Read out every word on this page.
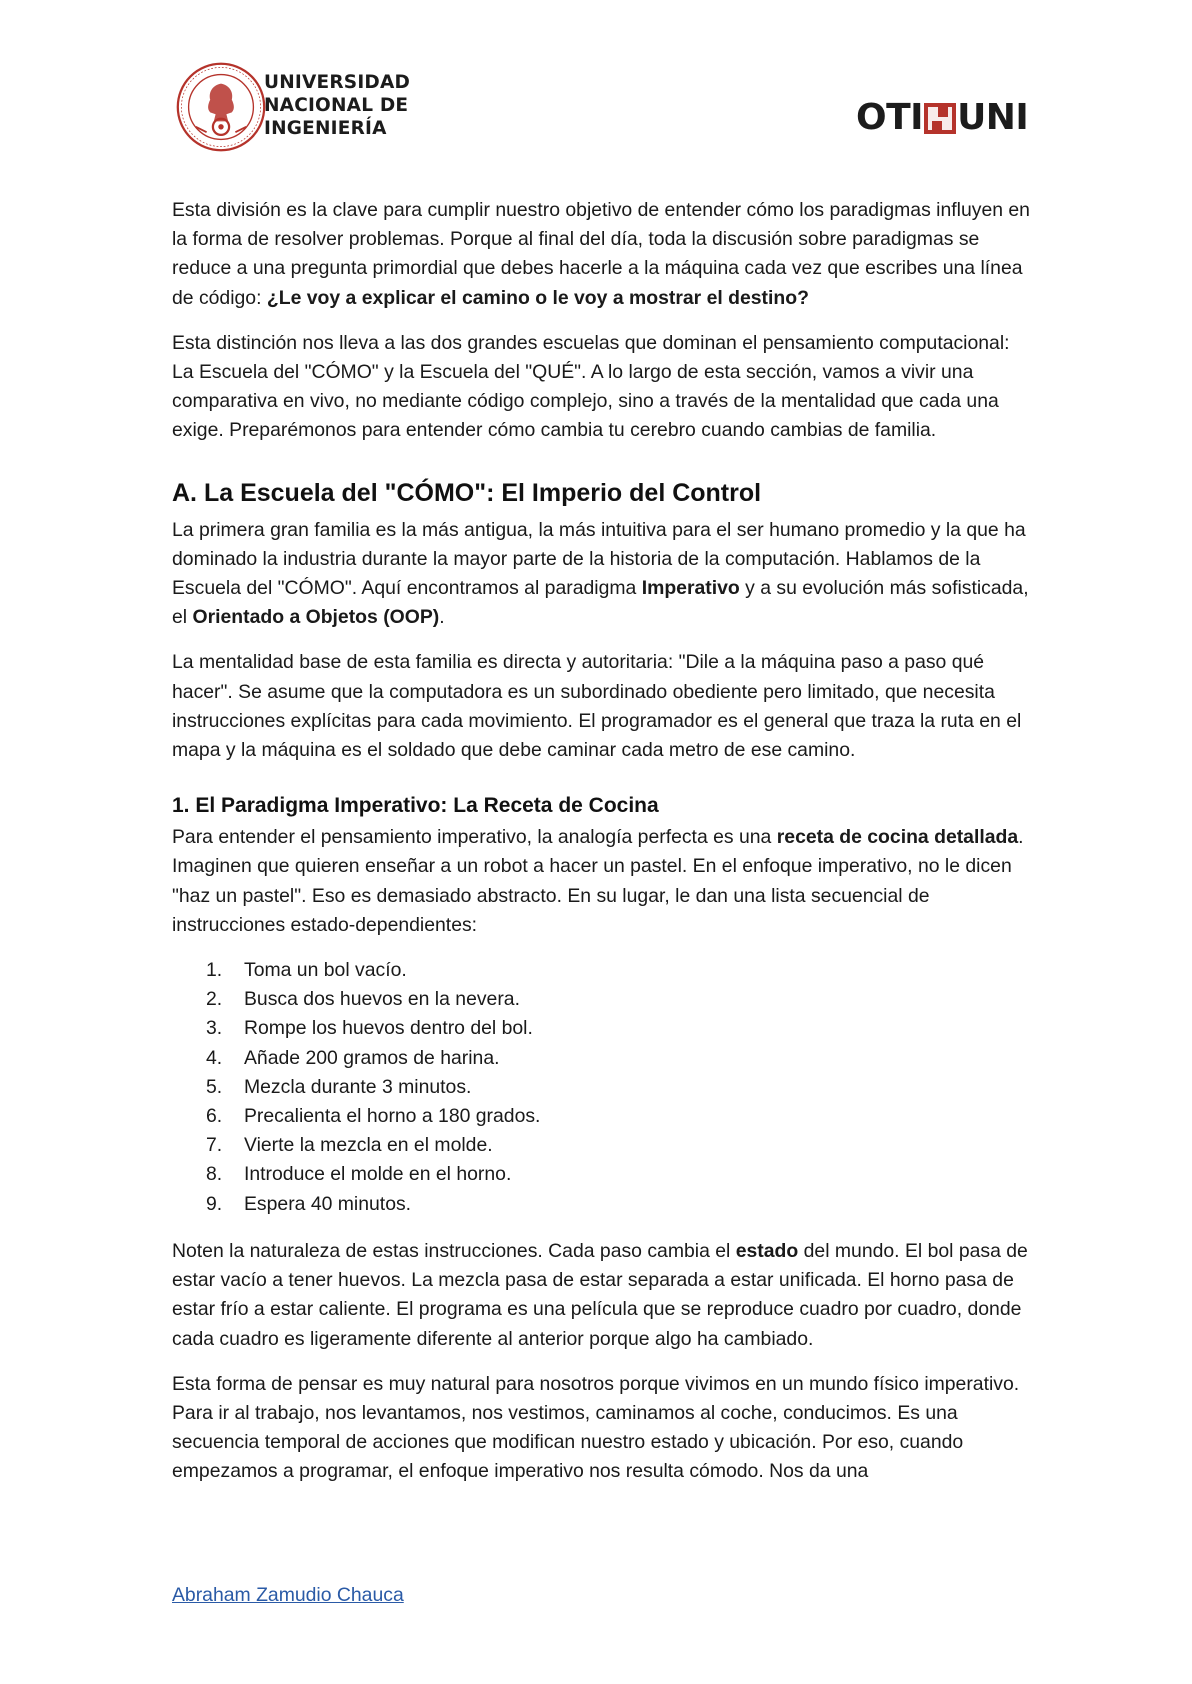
UNIVERSIDAD
NACIONAL DE
INGENIERÍA	OTI UNI

Esta división es la clave para cumplir nuestro objetivo de entender cómo los paradigmas influyen en la forma de resolver problemas. Porque al final del día, toda la discusión sobre paradigmas se reduce a una pregunta primordial que debes hacerle a la máquina cada vez que escribes una línea de código: ¿Le voy a explicar el camino o le voy a mostrar el destino?

Esta distinción nos lleva a las dos grandes escuelas que dominan el pensamiento computacional: La Escuela del "CÓMO" y la Escuela del "QUÉ". A lo largo de esta sección, vamos a vivir una comparativa en vivo, no mediante código complejo, sino a través de la mentalidad que cada una exige. Preparémonos para entender cómo cambia tu cerebro cuando cambias de familia.

A. La Escuela del "CÓMO": El Imperio del Control

La primera gran familia es la más antigua, la más intuitiva para el ser humano promedio y la que ha dominado la industria durante la mayor parte de la historia de la computación. Hablamos de la Escuela del "CÓMO". Aquí encontramos al paradigma Imperativo y a su evolución más sofisticada, el Orientado a Objetos (OOP).

La mentalidad base de esta familia es directa y autoritaria: "Dile a la máquina paso a paso qué hacer". Se asume que la computadora es un subordinado obediente pero limitado, que necesita instrucciones explícitas para cada movimiento. El programador es el general que traza la ruta en el mapa y la máquina es el soldado que debe caminar cada metro de ese camino.

1. El Paradigma Imperativo: La Receta de Cocina

Para entender el pensamiento imperativo, la analogía perfecta es una receta de cocina detallada. Imaginen que quieren enseñar a un robot a hacer un pastel. En el enfoque imperativo, no le dicen "haz un pastel". Eso es demasiado abstracto. En su lugar, le dan una lista secuencial de instrucciones estado-dependientes:

1.	Toma un bol vacío.
2.	Busca dos huevos en la nevera.
3.	Rompe los huevos dentro del bol.
4.	Añade 200 gramos de harina.
5.	Mezcla durante 3 minutos.
6.	Precalienta el horno a 180 grados.
7.	Vierte la mezcla en el molde.
8.	Introduce el molde en el horno.
9.	Espera 40 minutos.

Noten la naturaleza de estas instrucciones. Cada paso cambia el estado del mundo. El bol pasa de estar vacío a tener huevos. La mezcla pasa de estar separada a estar unificada. El horno pasa de estar frío a estar caliente. El programa es una película que se reproduce cuadro por cuadro, donde cada cuadro es ligeramente diferente al anterior porque algo ha cambiado.

Esta forma de pensar es muy natural para nosotros porque vivimos en un mundo físico imperativo. Para ir al trabajo, nos levantamos, nos vestimos, caminamos al coche, conducimos. Es una secuencia temporal de acciones que modifican nuestro estado y ubicación. Por eso, cuando empezamos a programar, el enfoque imperativo nos resulta cómodo. Nos da una

Abraham Zamudio Chauca
